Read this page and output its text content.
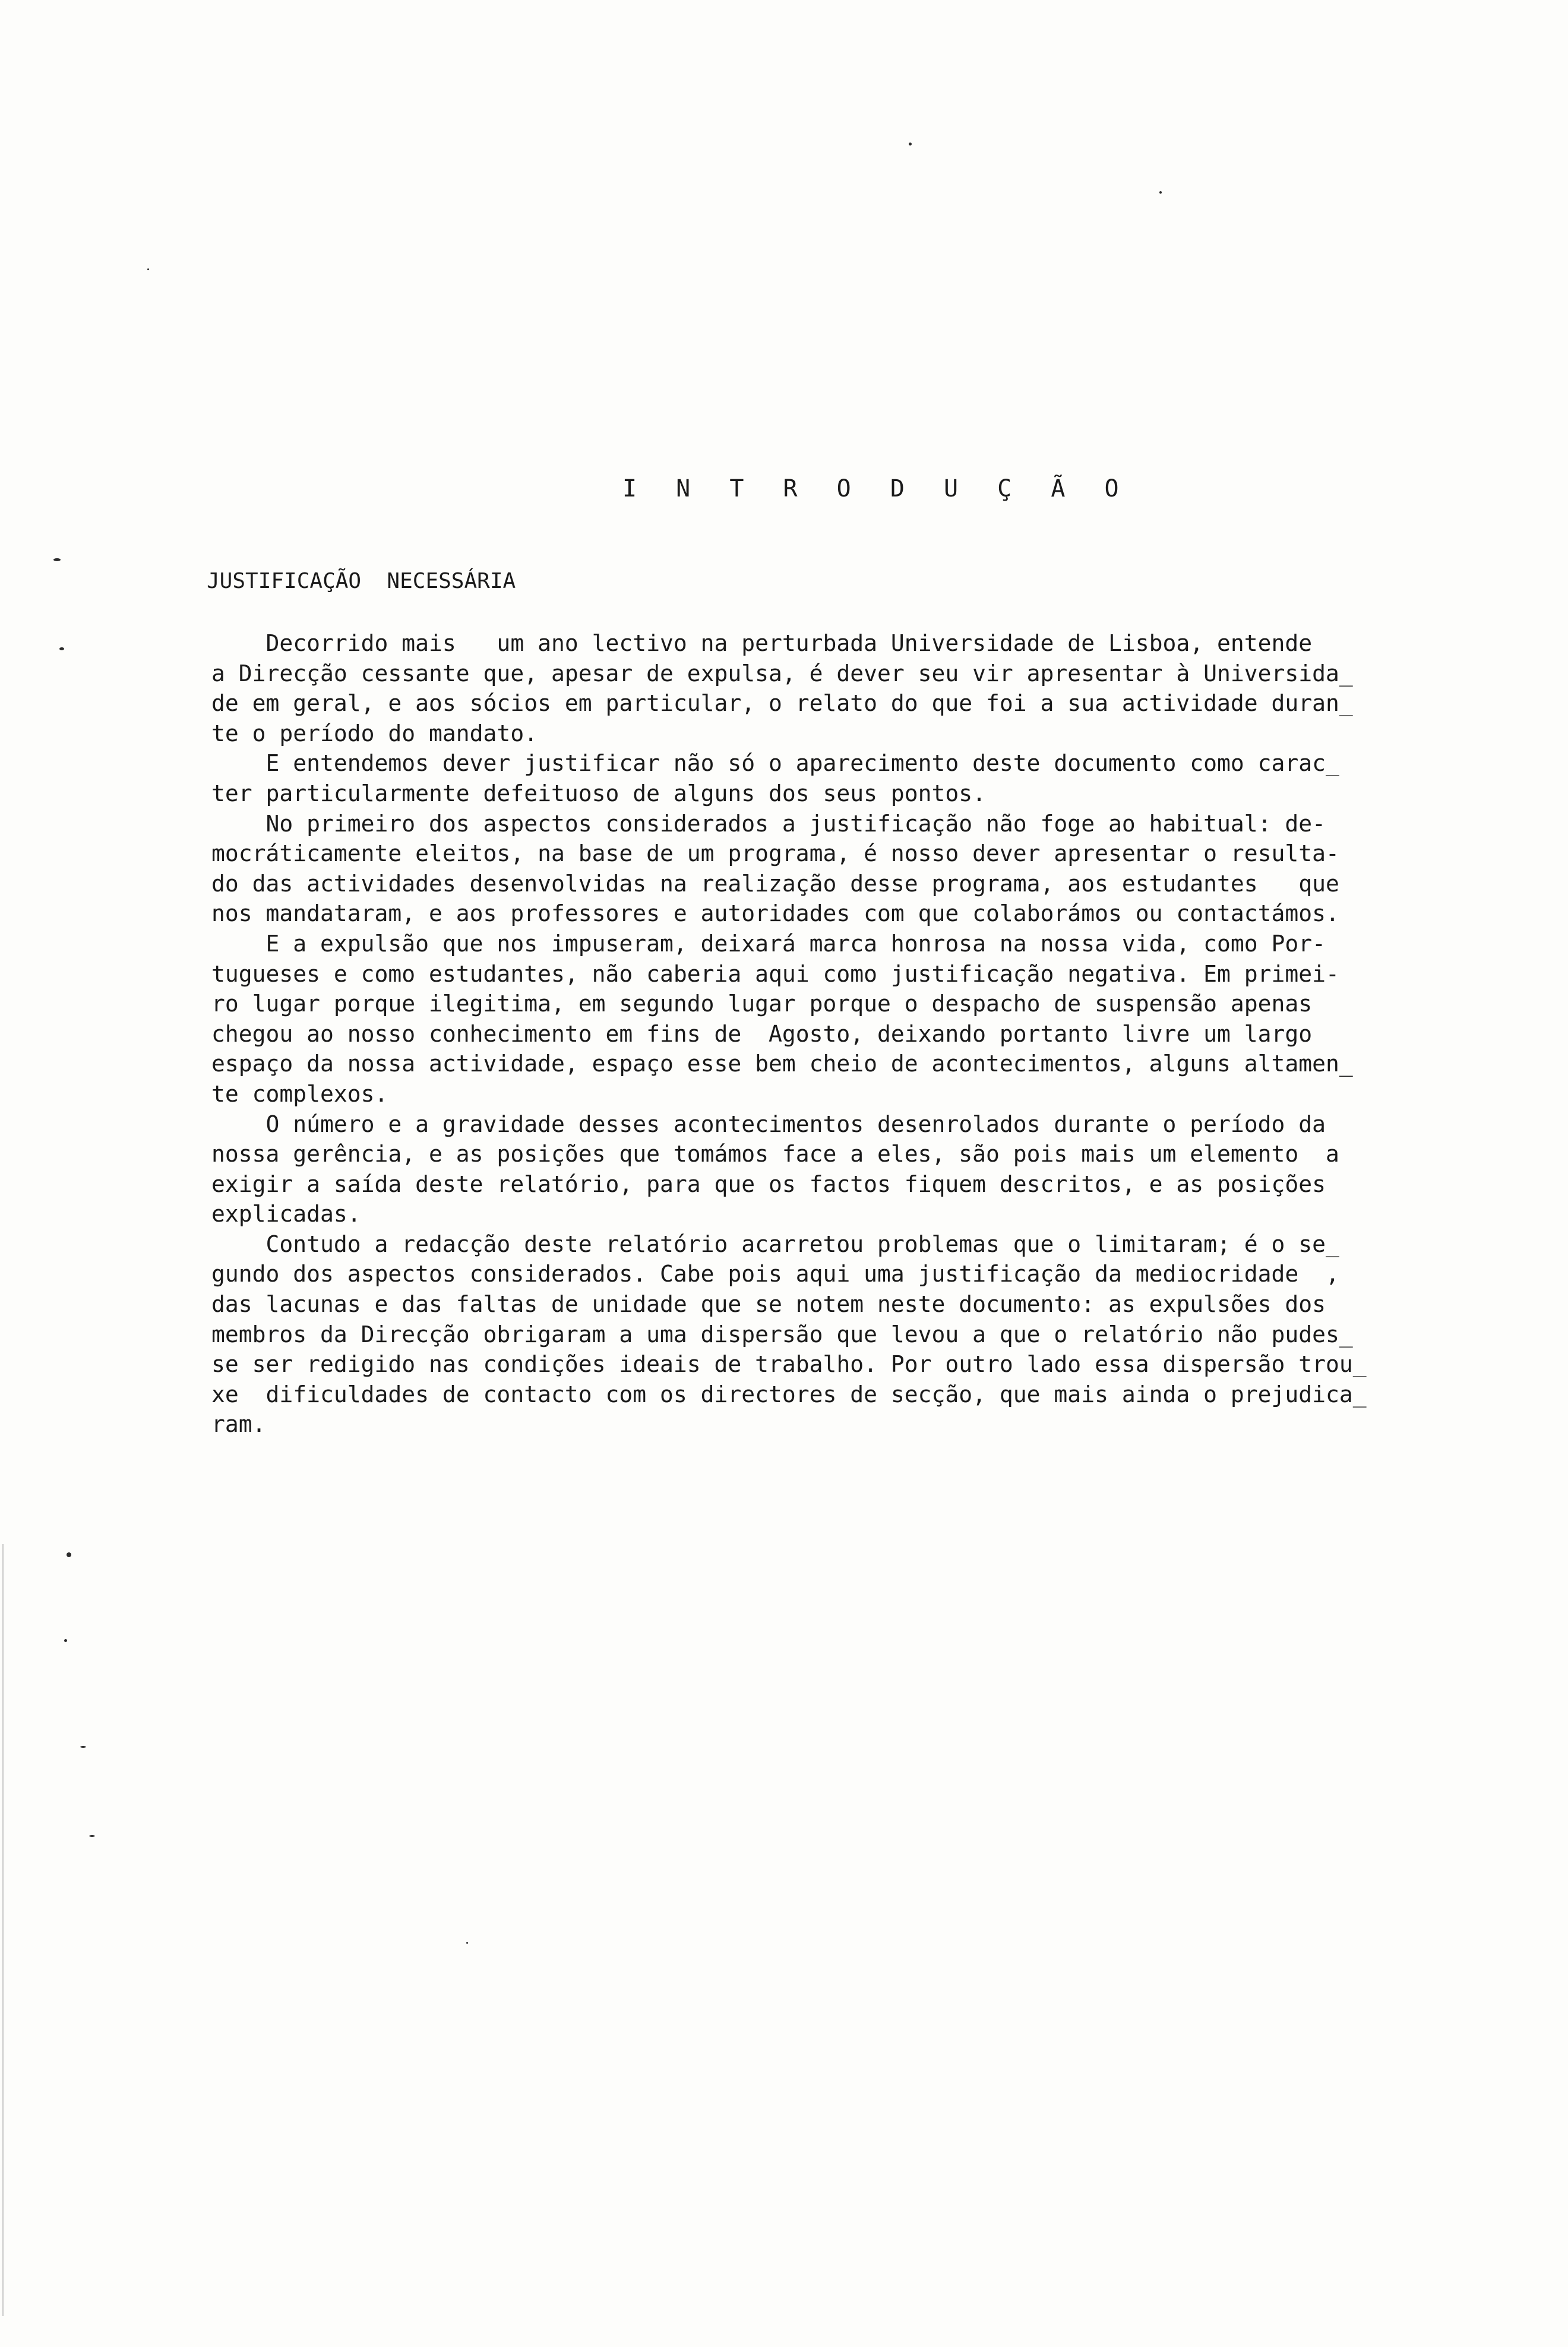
I N T R O D U Ç Ã O
JUSTIFICAÇÃO  NECESSÁRIA
Decorrido mais   um ano lectivo na perturbada Universidade de Lisboa, entende
a Direcção cessante que, apesar de expulsa, é dever seu vir apresentar à Universida_
de em geral, e aos sócios em particular, o relato do que foi a sua actividade duran_
te o período do mandato.
E entendemos dever justificar não só o aparecimento deste documento como carac_
ter particularmente defeituoso de alguns dos seus pontos.
No primeiro dos aspectos considerados a justificação não foge ao habitual: de-
mocráticamente eleitos, na base de um programa, é nosso dever apresentar o resulta-
do das actividades desenvolvidas na realização desse programa, aos estudantes   que
nos mandataram, e aos professores e autoridades com que colaborámos ou contactámos.
E a expulsão que nos impuseram, deixará marca honrosa na nossa vida, como Por-
tugueses e como estudantes, não caberia aqui como justificação negativa. Em primei-
ro lugar porque ilegitima, em segundo lugar porque o despacho de suspensão apenas
chegou ao nosso conhecimento em fins de  Agosto, deixando portanto livre um largo
espaço da nossa actividade, espaço esse bem cheio de acontecimentos, alguns altamen_
te complexos.
O número e a gravidade desses acontecimentos desenrolados durante o período da
nossa gerência, e as posições que tomámos face a eles, são pois mais um elemento  a
exigir a saída deste relatório, para que os factos fiquem descritos, e as posições
explicadas.
Contudo a redacção deste relatório acarretou problemas que o limitaram; é o se_
gundo dos aspectos considerados. Cabe pois aqui uma justificação da mediocridade  ,
das lacunas e das faltas de unidade que se notem neste documento: as expulsões dos
membros da Direcção obrigaram a uma dispersão que levou a que o relatório não pudes_
se ser redigido nas condições ideais de trabalho. Por outro lado essa dispersão trou_
xe  dificuldades de contacto com os directores de secção, que mais ainda o prejudica_
ram.
